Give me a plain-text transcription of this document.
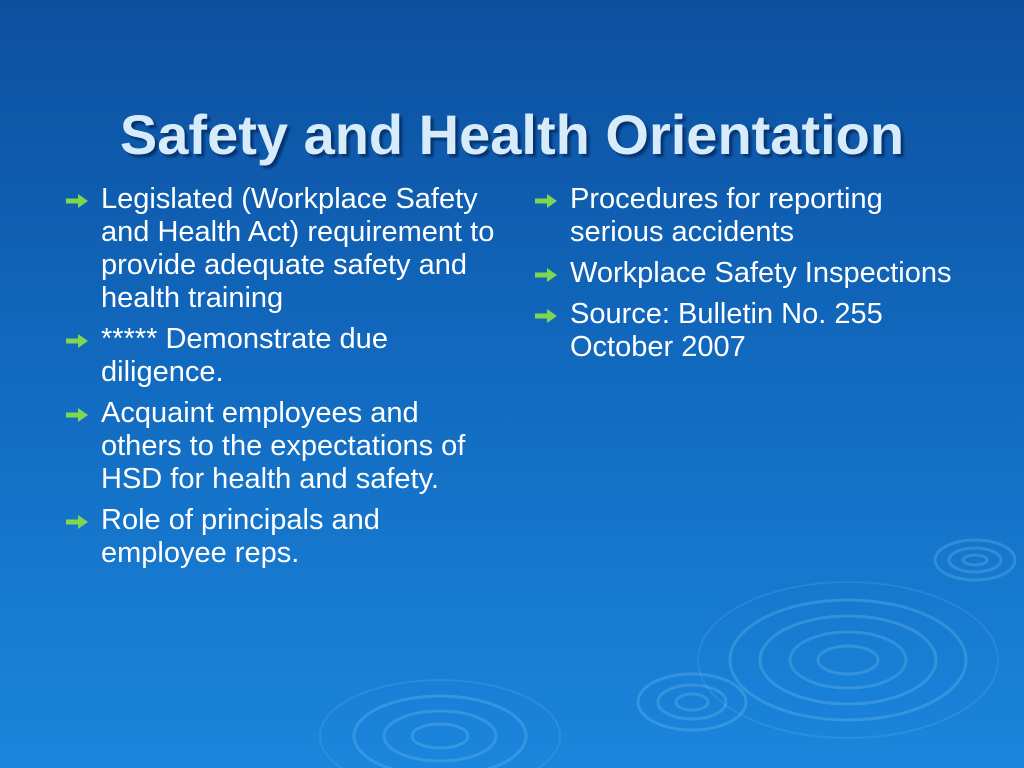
Safety and Health Orientation
Legislated (Workplace Safety and Health Act) requirement to provide adequate safety and health training
***** Demonstrate due diligence.
Acquaint employees and others to the expectations of HSD for health and safety.
Role of principals and employee reps.
Procedures for reporting serious accidents
Workplace Safety Inspections
Source: Bulletin No. 255 October 2007
